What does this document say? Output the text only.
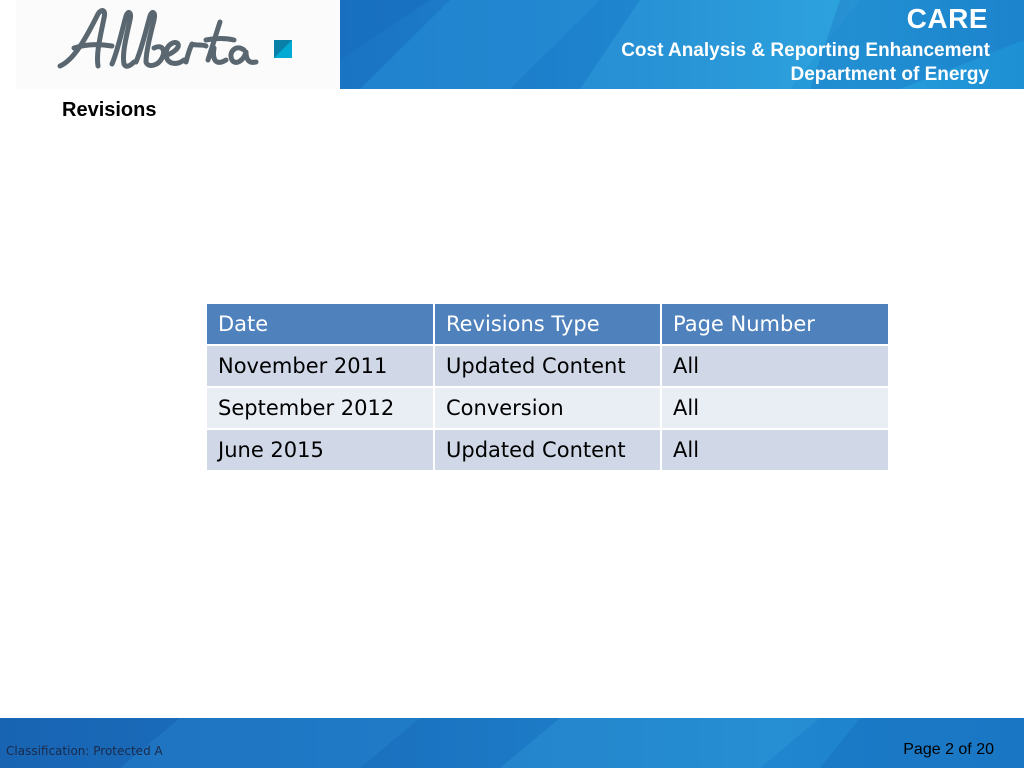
CARE
Cost Analysis & Reporting Enhancement
Department of Energy
Revisions
Date	Revisions Type	Page Number
November 2011	Updated Content	All
September 2012	Conversion	All
June 2015	Updated Content	All
Classification: Protected A	Page 2 of 20
